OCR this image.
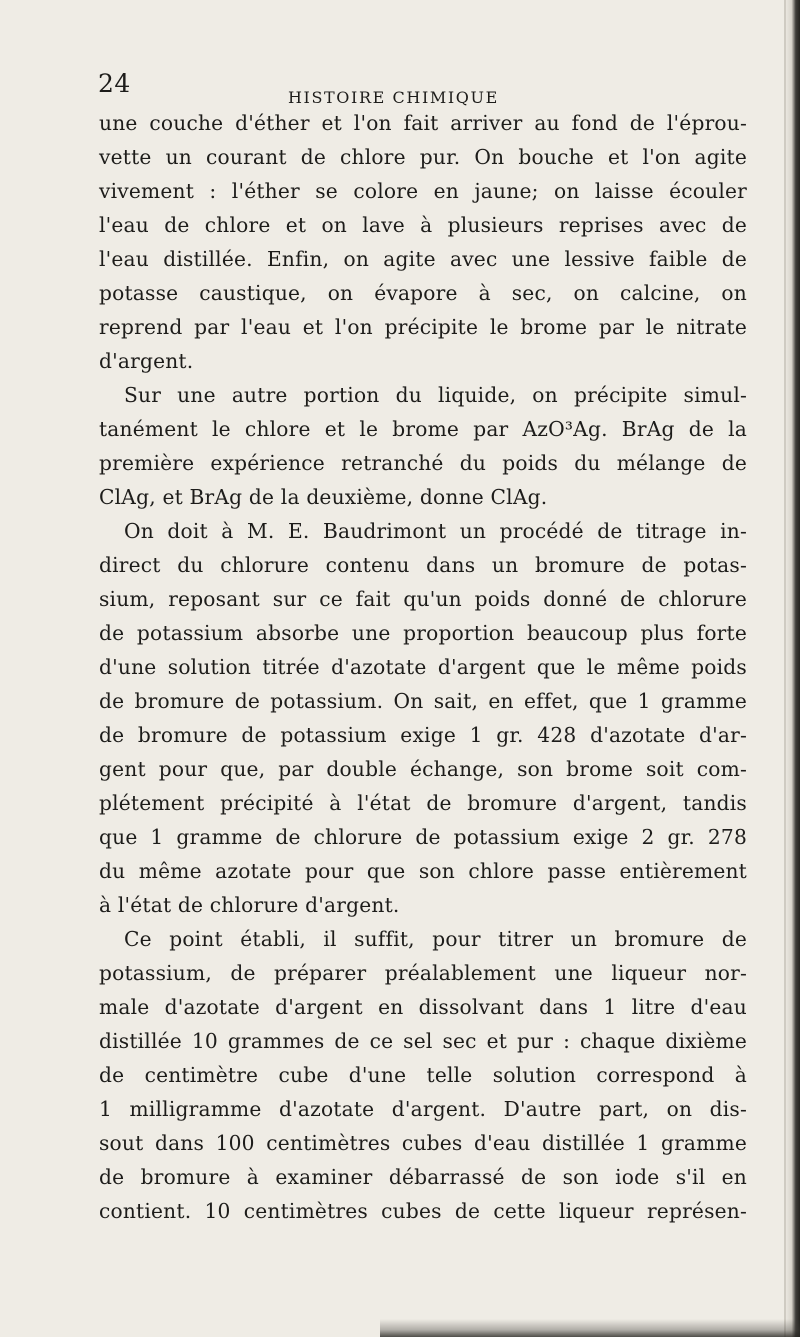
24	HISTOIRE CHIMIQUE
une couche d'éther et l'on fait arriver au fond de l'éprou-
vette un courant de chlore pur. On bouche et l'on agite
vivement : l'éther se colore en jaune; on laisse écouler
l'eau de chlore et on lave à plusieurs reprises avec de
l'eau distillée. Enfin, on agite avec une lessive faible de
potasse caustique, on évapore à sec, on calcine, on
reprend par l'eau et l'on précipite le brome par le nitrate
d'argent.
Sur une autre portion du liquide, on précipite simul-
tanément le chlore et le brome par AzO³Ag. BrAg de la
première expérience retranché du poids du mélange de
ClAg, et BrAg de la deuxième, donne ClAg.
On doit à M. E. Baudrimont un procédé de titrage in-
direct du chlorure contenu dans un bromure de potas-
sium, reposant sur ce fait qu'un poids donné de chlorure
de potassium absorbe une proportion beaucoup plus forte
d'une solution titrée d'azotate d'argent que le même poids
de bromure de potassium. On sait, en effet, que 1 gramme
de bromure de potassium exige 1 gr. 428 d'azotate d'ar-
gent pour que, par double échange, son brome soit com-
plétement précipité à l'état de bromure d'argent, tandis
que 1 gramme de chlorure de potassium exige 2 gr. 278
du même azotate pour que son chlore passe entièrement
à l'état de chlorure d'argent.
Ce point établi, il suffit, pour titrer un bromure de
potassium, de préparer préalablement une liqueur nor-
male d'azotate d'argent en dissolvant dans 1 litre d'eau
distillée 10 grammes de ce sel sec et pur : chaque dixième
de centimètre cube d'une telle solution correspond à
1 milligramme d'azotate d'argent. D'autre part, on dis-
sout dans 100 centimètres cubes d'eau distillée 1 gramme
de bromure à examiner débarrassé de son iode s'il en
contient. 10 centimètres cubes de cette liqueur représen-
